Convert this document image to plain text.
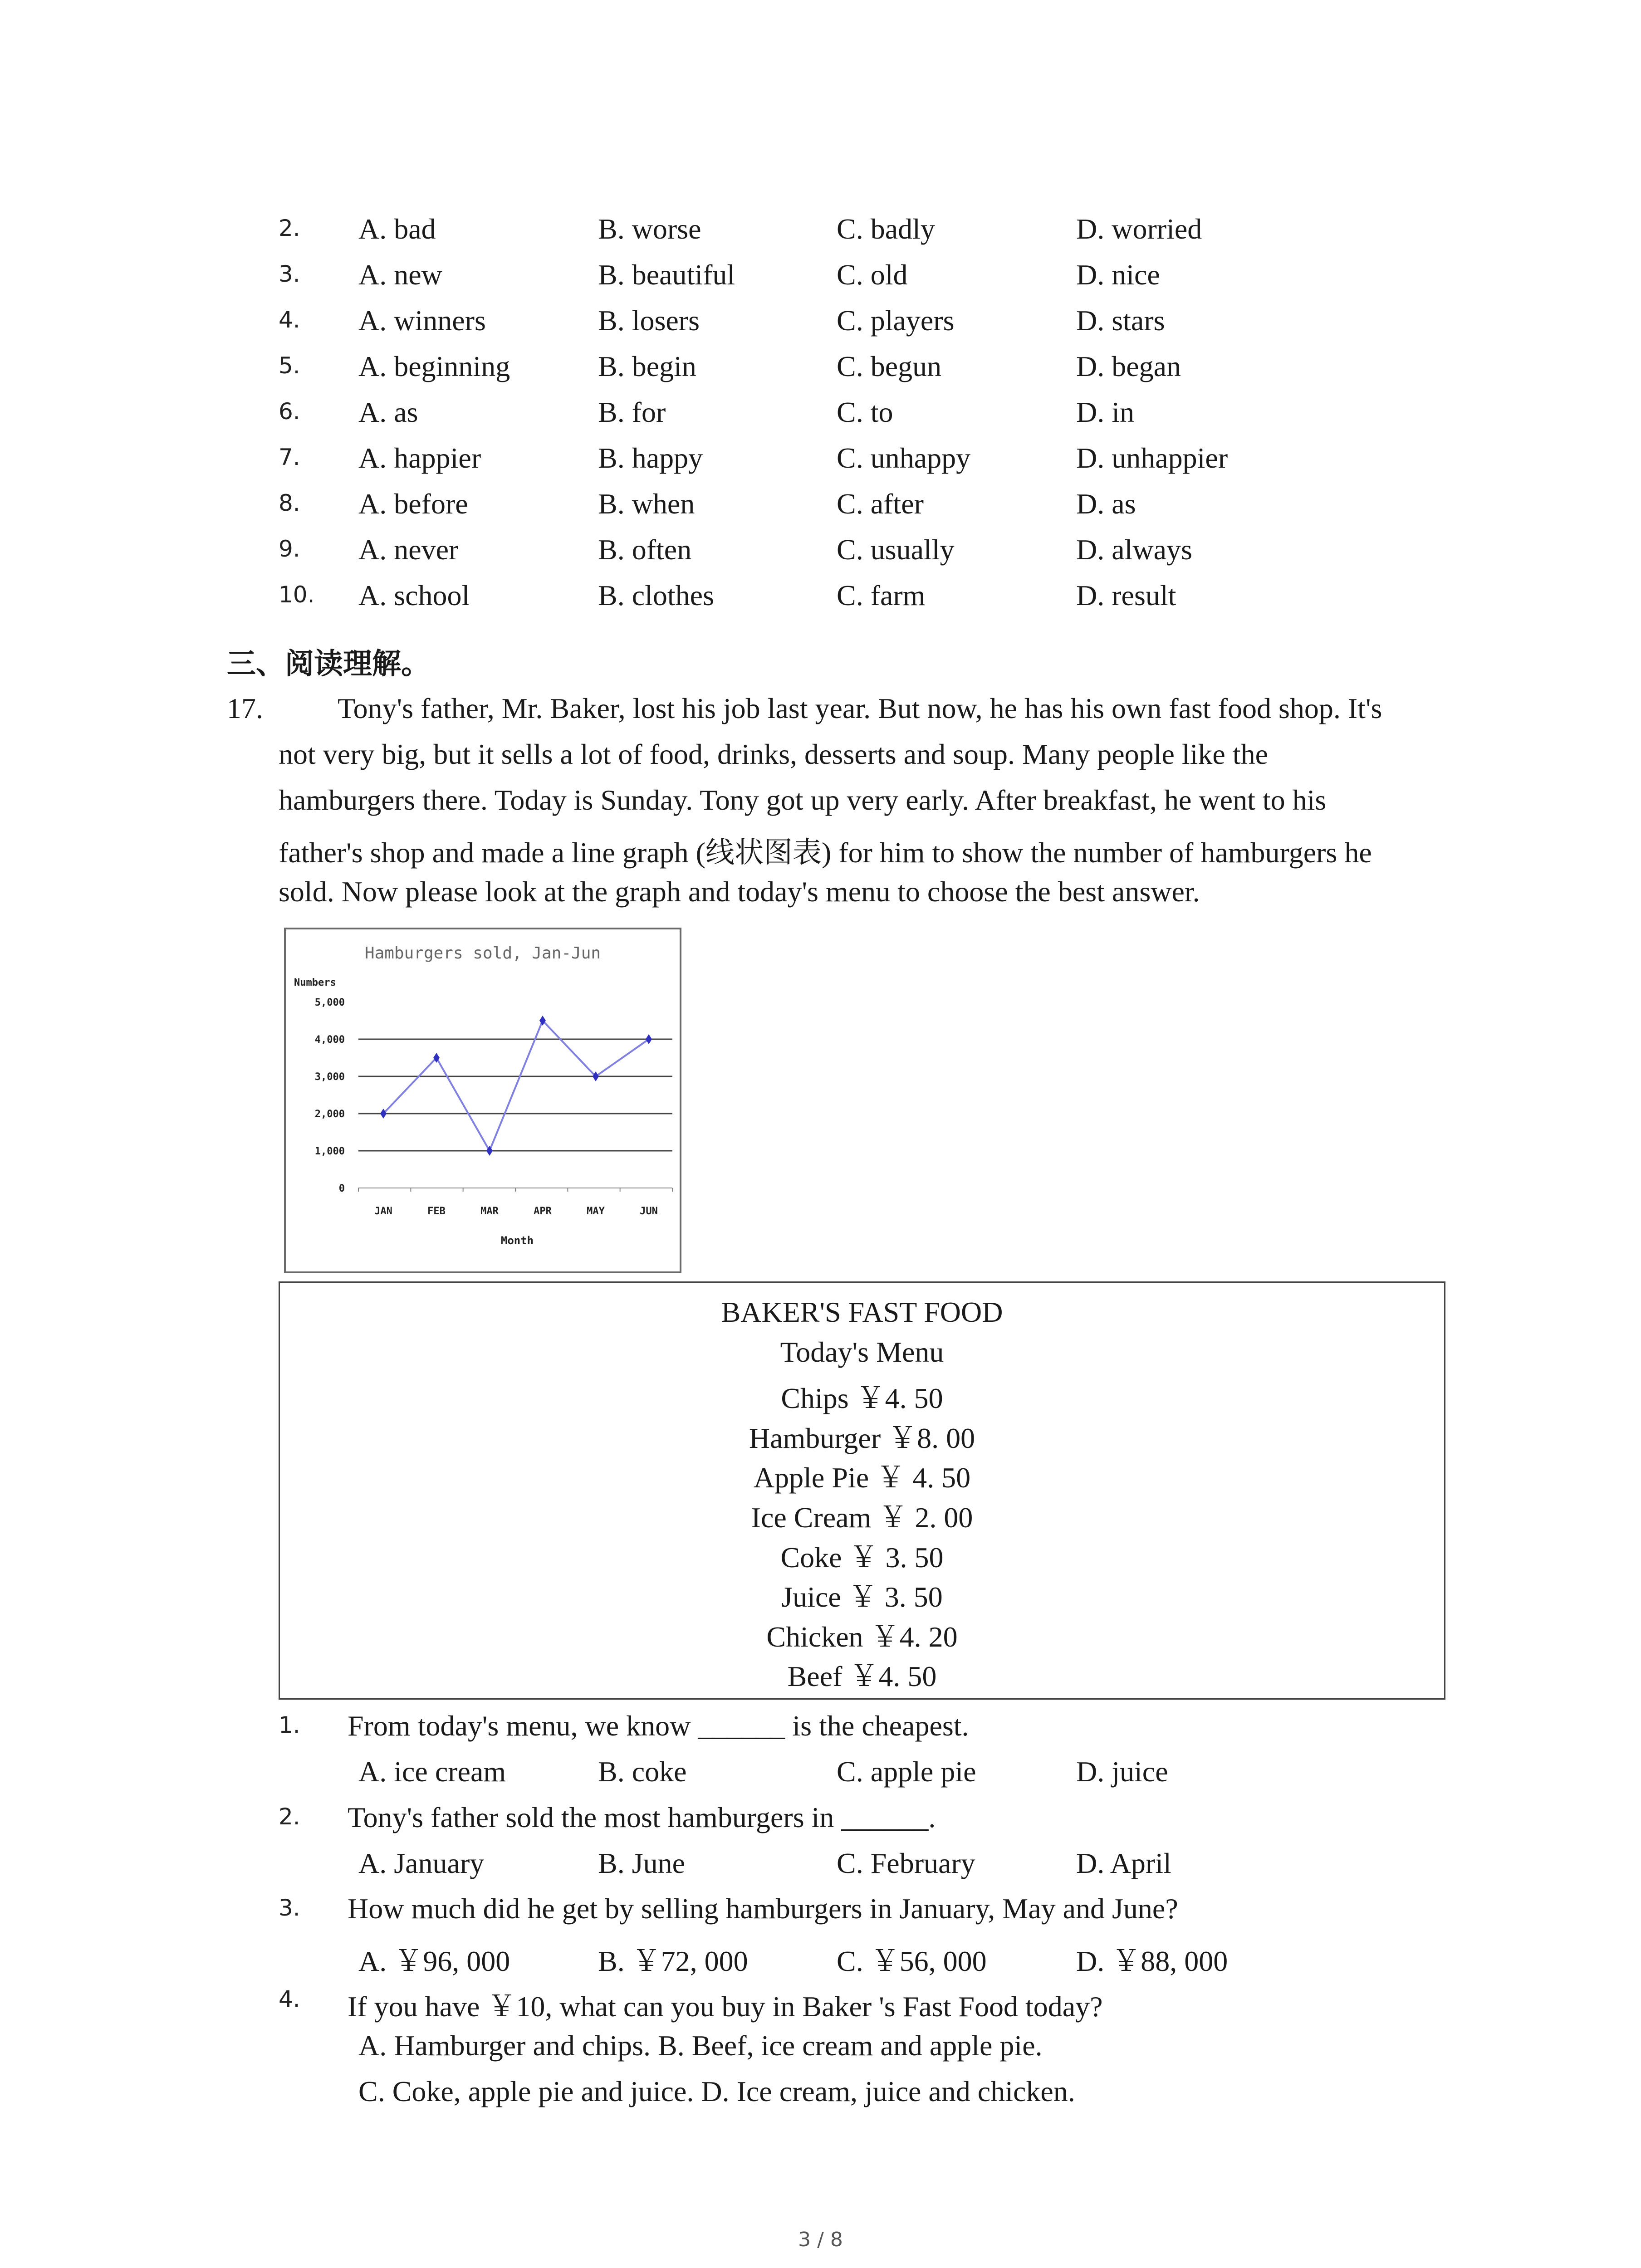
2. A. bad	B. worse	C. badly	D. worried
3. A. new	B. beautiful	C. old	D. nice
4. A. winners	B. losers	C. players	D. stars
5. A. beginning	B. begin	C. begun	D. began
6. A. as	B. for	C. to	D. in
7. A. happier	B. happy	C. unhappy	D. unhappier
8. A. before	B. when	C. after	D. as
9. A. never	B. often	C. usually	D. always
10. A. school	B. clothes	C. farm	D. result
三、阅读理解。
17.	Tony's father, Mr. Baker, lost his job last year. But now, he has his own fast food shop. It's
not very big, but it sells a lot of food, drinks, desserts and soup. Many people like the
hamburgers there. Today is Sunday. Tony got up very early. After breakfast, he went to his
father's shop and made a line graph (线状图表) for him to show the number of hamburgers he
sold. Now please look at the graph and today's menu to choose the best answer.
Hamburgers sold, Jan-Jun
Numbers
0
1,000
2,000
3,000
4,000
5,000
JAN	FEB	MAR	APR	MAY	JUN
Month
BAKER'S FAST FOOD
Today's Menu
Chips ￥4. 50
Hamburger ￥8. 00
Apple Pie ￥ 4. 50
Ice Cream ￥ 2. 00
Coke ￥ 3. 50
Juice ￥ 3. 50
Chicken ￥4. 20
Beef ￥4. 50
1. From today's menu, we know ______ is the cheapest.
A. ice cream	B. coke	C. apple pie	D. juice
2. Tony's father sold the most hamburgers in ______.
A. January	B. June	C. February	D. April
3. How much did he get by selling hamburgers in January, May and June?
A. ￥96, 000	B. ￥72, 000	C. ￥56, 000	D. ￥88, 000
4. If you have ￥10, what can you buy in Baker 's Fast Food today?
A. Hamburger and chips. B. Beef, ice cream and apple pie.
C. Coke, apple pie and juice. D. Ice cream, juice and chicken.
3 / 8
